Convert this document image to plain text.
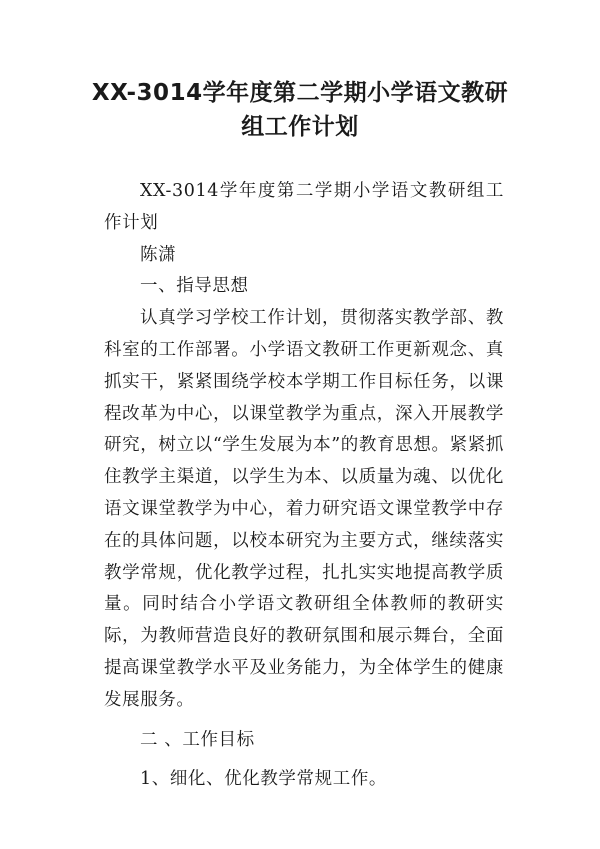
XX-3014学年度第二学期小学语文教研组工作计划

XX-3014学年度第二学期小学语文教研组工作计划

陈潇

一、指导思想

认真学习学校工作计划，贯彻落实教学部、教科室的工作部署。小学语文教研工作更新观念、真抓实干，紧紧围绕学校本学期工作目标任务，以课程改革为中心，以课堂教学为重点，深入开展教学研究，树立以“学生发展为本”的教育思想。紧紧抓住教学主渠道，以学生为本、以质量为魂、以优化语文课堂教学为中心，着力研究语文课堂教学中存在的具体问题，以校本研究为主要方式，继续落实教学常规，优化教学过程，扎扎实实地提高教学质量。同时结合小学语文教研组全体教师的教研实际，为教师营造良好的教研氛围和展示舞台，全面提高课堂教学水平及业务能力，为全体学生的健康发展服务。

二 、工作目标

1、细化、优化教学常规工作。
